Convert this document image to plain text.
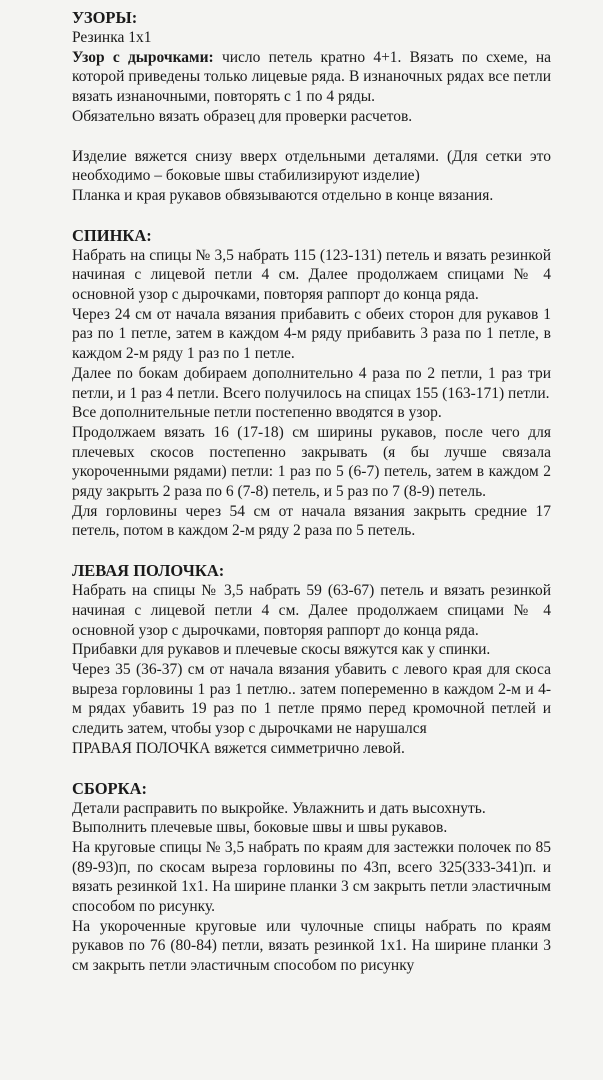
УЗОРЫ:

Резинка 1х1

Узор с дырочками: число петель кратно 4+1. Вязать по схеме, на которой приведены только лицевые ряда. В изнаночных рядах все петли вязать изнаночными, повторять с 1 по 4 ряды.

Обязательно вязать образец для проверки расчетов.

Изделие вяжется снизу вверх отдельными деталями. (Для сетки это необходимо – боковые швы стабилизируют изделие)

Планка и края рукавов обвязываются отдельно в конце вязания.

СПИНКА:

Набрать на спицы № 3,5 набрать 115 (123-131) петель и вязать резинкой начиная с лицевой петли 4 см. Далее продолжаем спицами № 4 основной узор с дырочками, повторяя раппорт до конца ряда.

Через 24 см от начала вязания прибавить с обеих сторон для рукавов 1 раз по 1 петле, затем в каждом 4-м ряду прибавить 3 раза по 1 петле, в каждом 2-м ряду 1 раз по 1 петле.

Далее по бокам добираем дополнительно 4 раза по 2 петли, 1 раз три петли, и 1 раз 4 петли. Всего получилось на спицах 155 (163-171) петли.

Все дополнительные петли постепенно вводятся в узор.

Продолжаем вязать 16 (17-18) см ширины рукавов, после чего для плечевых скосов постепенно закрывать (я бы лучше связала укороченными рядами) петли: 1 раз по 5 (6-7) петель, затем в каждом 2 ряду закрыть 2 раза по 6 (7-8) петель, и 5 раз по 7 (8-9) петель.

Для горловины через 54 см от начала вязания закрыть средние 17 петель, потом в каждом 2-м ряду 2 раза по 5 петель.

ЛЕВАЯ ПОЛОЧКА:

Набрать на спицы № 3,5 набрать 59 (63-67) петель и вязать резинкой начиная с лицевой петли 4 см. Далее продолжаем спицами № 4 основной узор с дырочками, повторяя раппорт до конца ряда.

Прибавки для рукавов и плечевые скосы вяжутся как у спинки.

Через 35 (36-37) см от начала вязания убавить с левого края для скоса выреза горловины 1 раз 1 петлю.. затем попеременно в каждом 2-м и 4-м рядах убавить 19 раз по 1 петле прямо перед кромочной петлей и следить затем, чтобы узор с дырочками не нарушался

ПРАВАЯ ПОЛОЧКА вяжется симметрично левой.

СБОРКА:

Детали расправить по выкройке. Увлажнить и дать высохнуть.

Выполнить плечевые швы, боковые швы и швы рукавов.

На круговые спицы № 3,5 набрать по краям для застежки полочек по 85 (89-93)п, по скосам выреза горловины по 43п, всего 325(333-341)п. и вязать резинкой 1х1. На ширине планки 3 см закрыть петли эластичным способом по рисунку.

На укороченные круговые или чулочные спицы набрать по краям рукавов по 76 (80-84) петли, вязать резинкой 1х1. На ширине планки 3 см закрыть петли эластичным способом по рисунку
